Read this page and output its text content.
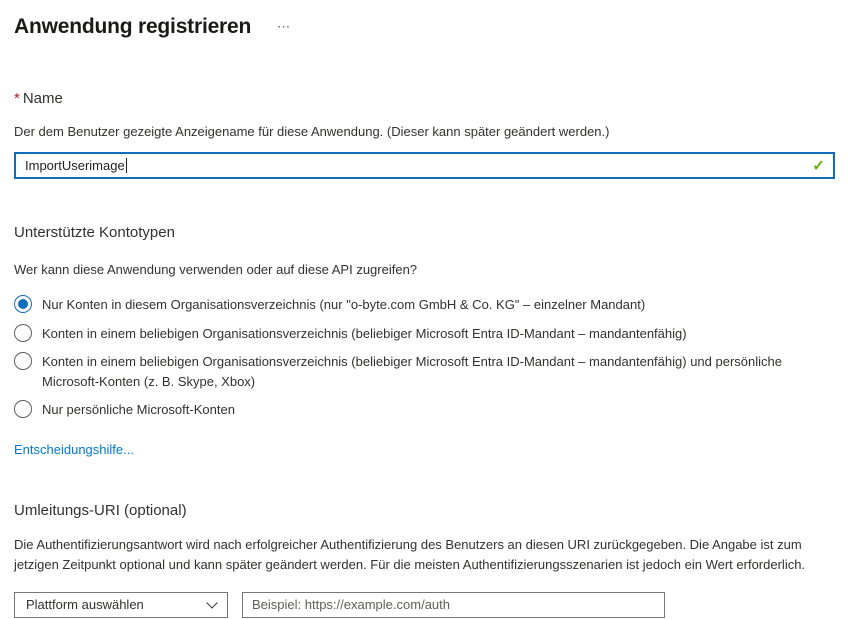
Anwendung registrieren ⋯
* Name
Der dem Benutzer gezeigte Anzeigename für diese Anwendung. (Dieser kann später geändert werden.)
ImportUserimage	✓
Unterstützte Kontotypen
Wer kann diese Anwendung verwenden oder auf diese API zugreifen?
Nur Konten in diesem Organisationsverzeichnis (nur "o-byte.com GmbH & Co. KG" – einzelner Mandant)
Konten in einem beliebigen Organisationsverzeichnis (beliebiger Microsoft Entra ID-Mandant – mandantenfähig)
Konten in einem beliebigen Organisationsverzeichnis (beliebiger Microsoft Entra ID-Mandant – mandantenfähig) und persönliche Microsoft-Konten (z. B. Skype, Xbox)
Nur persönliche Microsoft-Konten
Entscheidungshilfe...
Umleitungs-URI (optional)
Die Authentifizierungsantwort wird nach erfolgreicher Authentifizierung des Benutzers an diesen URI zurückgegeben. Die Angabe ist zum jetzigen Zeitpunkt optional und kann später geändert werden. Für die meisten Authentifizierungsszenarien ist jedoch ein Wert erforderlich.
Plattform auswählen
Beispiel: https://example.com/auth
